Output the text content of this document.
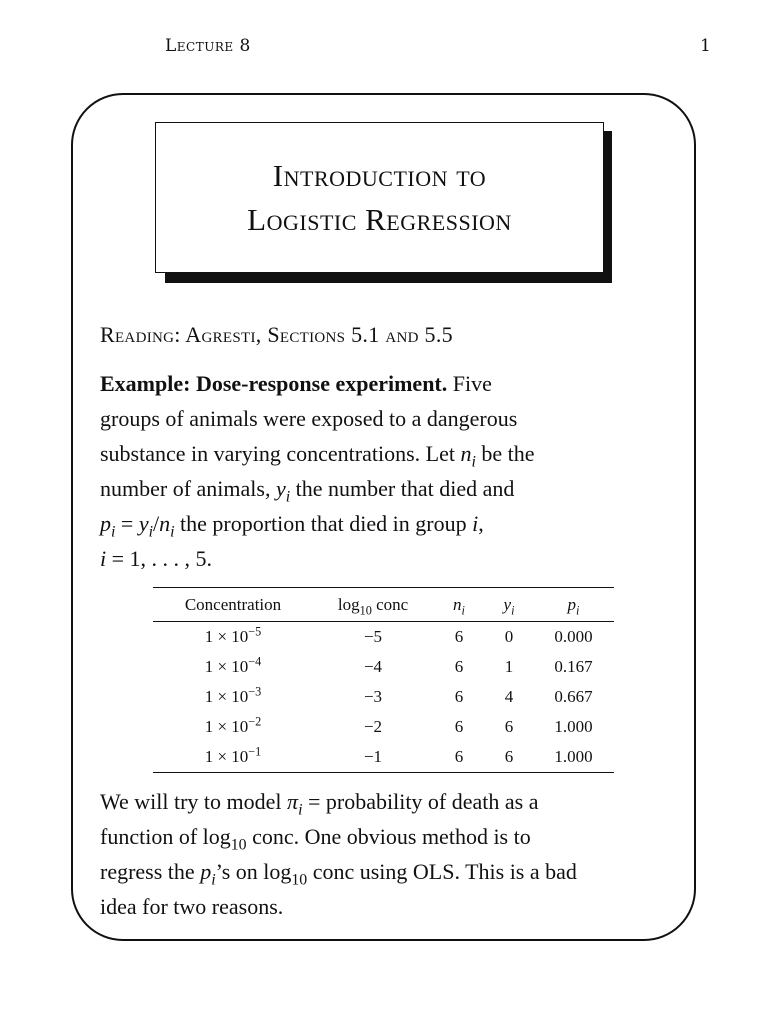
Lecture 8	1
Introduction to
Logistic Regression
Reading: Agresti, Sections 5.1 and 5.5
Example: Dose-response experiment. Five
groups of animals were exposed to a dangerous
substance in varying concentrations. Let $n_i$ be the
number of animals, $y_i$ the number that died and
$p_i = y_i/n_i$ the proportion that died in group i,
i = 1, . . . , 5.
Concentration	$\log_{10}$ conc	$n_i$	$y_i$	$p_i$
$1 \times 10^{-5}$	−5	6	0	0.000
$1 \times 10^{-4}$	−4	6	1	0.167
$1 \times 10^{-3}$	−3	6	4	0.667
$1 \times 10^{-2}$	−2	6	6	1.000
$1 \times 10^{-1}$	−1	6	6	1.000
We will try to model $\pi_i$ = probability of death as a
function of $\log_{10}$ conc. One obvious method is to
regress the $p_i’s$ on $\log_{10}$ conc using OLS. This is a bad
idea for two reasons.
